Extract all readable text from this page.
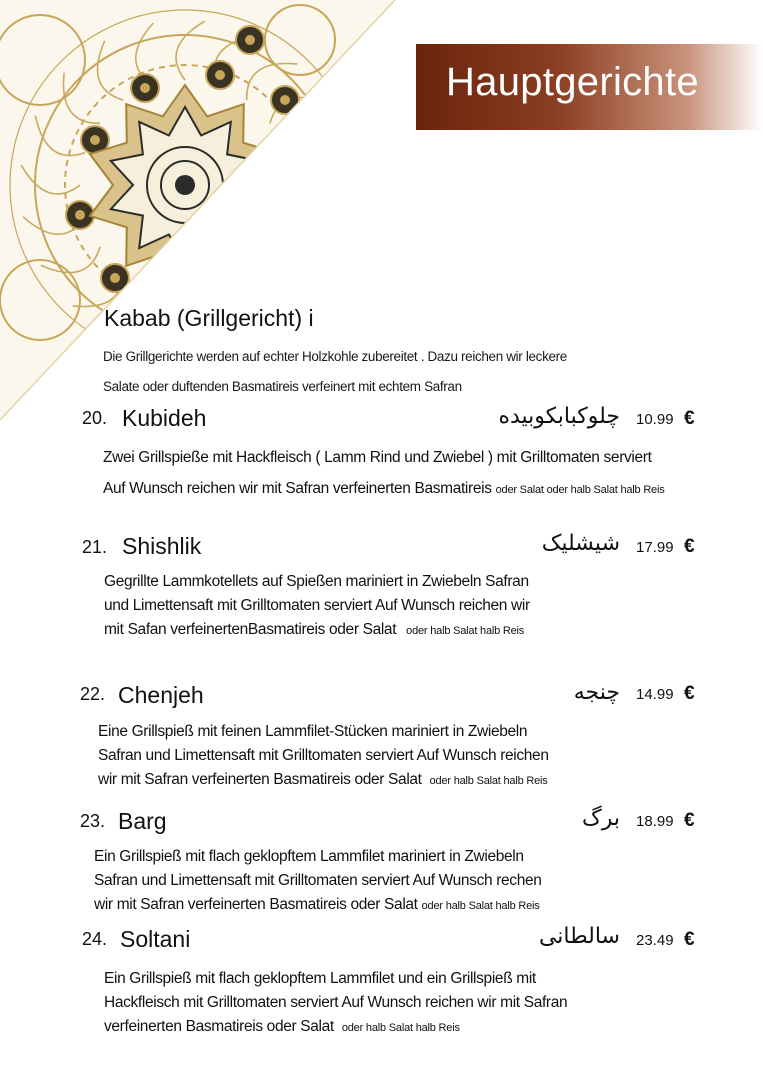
Hauptgerichte
Kabab (Grillgericht) i
Die Grillgerichte werden auf echter Holzkohle zubereitet . Dazu reichen wir leckere
Salate oder duftenden Basmatireis verfeinert mit echtem Safran
20. Kubideh	چلوکبابکوبیده 10.99 €
Zwei Grillspieße mit Hackfleisch ( Lamm Rind und Zwiebel ) mit Grilltomaten serviert
Auf Wunsch reichen wir mit Safran verfeinerten Basmatireis oder Salat oder halb Salat halb Reis
21. Shishlik	شیشلیک 17.99 €
Gegrillte Lammkotellets auf Spießen mariniert in Zwiebeln Safran
und Limettensaft mit Grilltomaten serviert Auf Wunsch reichen wir
mit Safan verfeinertenBasmatireis oder Salat oder halb Salat halb Reis
22. Chenjeh	چنجه 14.99 €
Eine Grillspieß mit feinen Lammfilet-Stücken mariniert in Zwiebeln
Safran und Limettensaft mit Grilltomaten serviert Auf Wunsch reichen
wir mit Safran verfeinerten Basmatireis oder Salat oder halb Salat halb Reis
23. Barg	برگ 18.99 €
Ein Grillspieß mit flach geklopftem Lammfilet mariniert in Zwiebeln
Safran und Limettensaft mit Grilltomaten serviert Auf Wunsch rechen
wir mit Safran verfeinerten Basmatireis oder Salat oder halb Salat halb Reis
24. Soltani	سالطانی 23.49 €
Ein Grillspieß mit flach geklopftem Lammfilet und ein Grillspieß mit
Hackfleisch mit Grilltomaten serviert Auf Wunsch reichen wir mit Safran
verfeinerten Basmatireis oder Salat oder halb Salat halb Reis
